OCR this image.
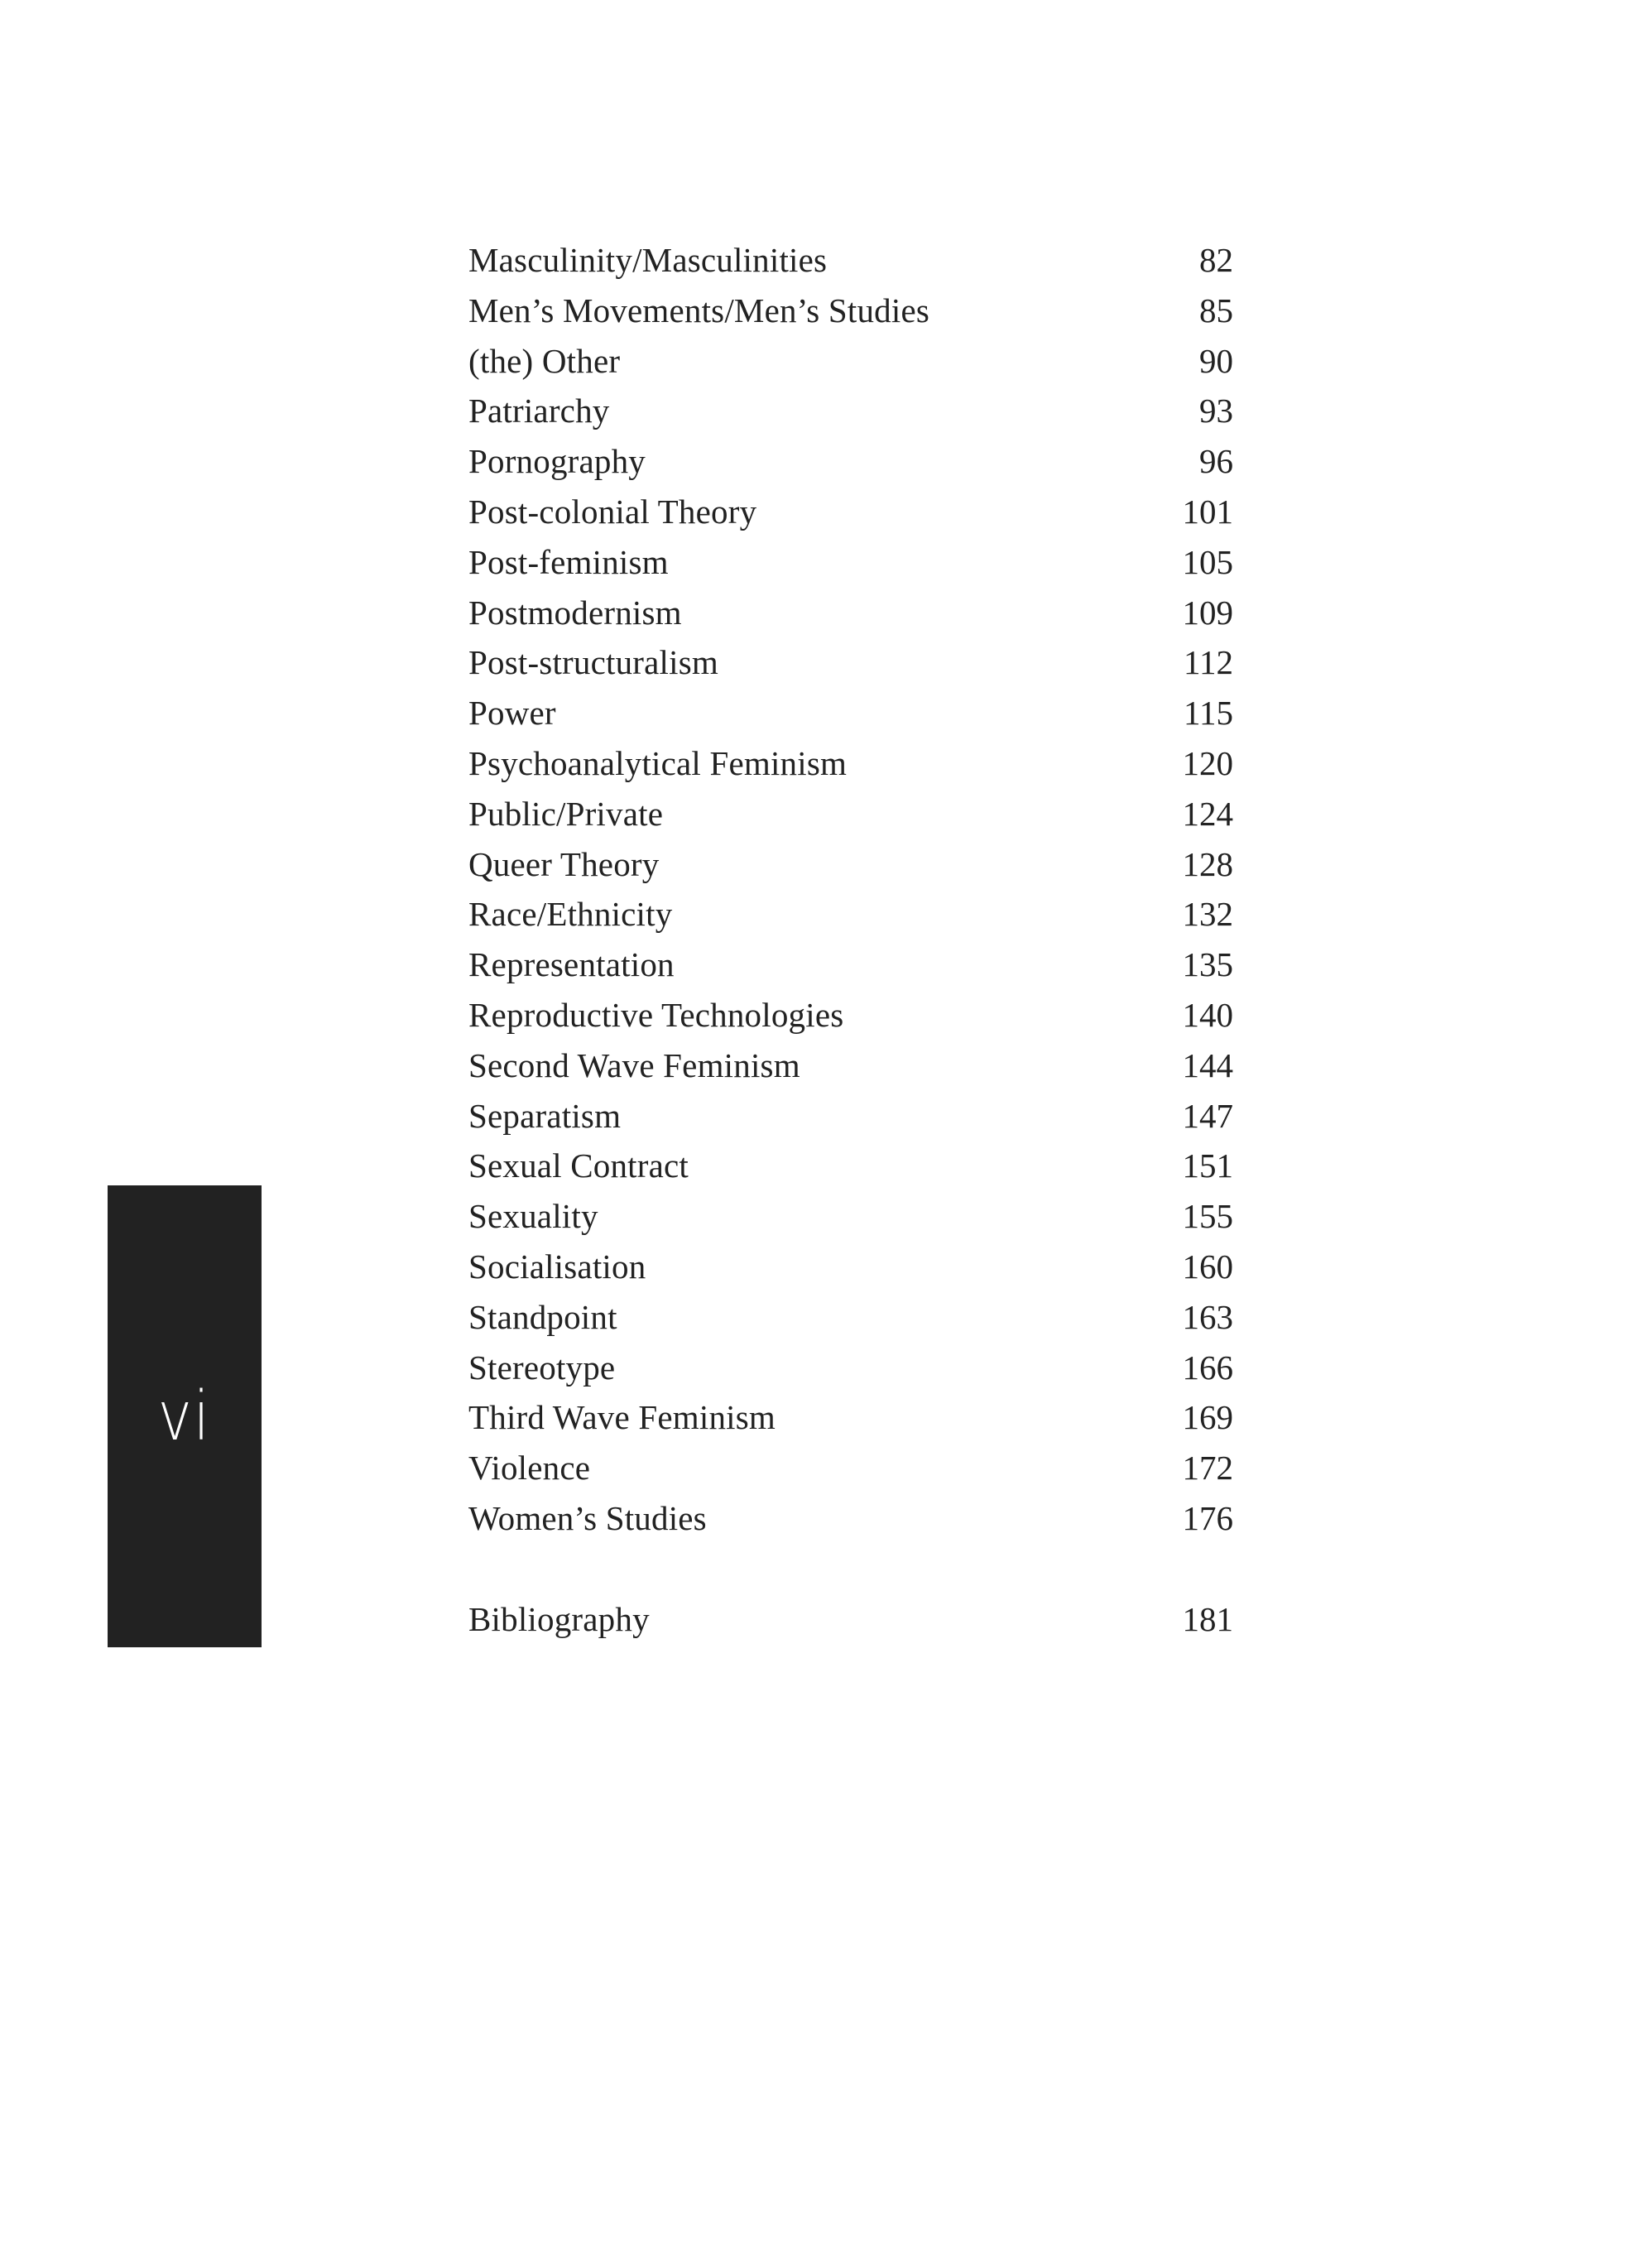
Masculinity/Masculinities	82
Men’s Movements/Men’s Studies	85
(the) Other	90
Patriarchy	93
Pornography	96
Post-colonial Theory	101
Post-feminism	105
Postmodernism	109
Post-structuralism	112
Power	115
Psychoanalytical Feminism	120
Public/Private	124
Queer Theory	128
Race/Ethnicity	132
Representation	135
Reproductive Technologies	140
Second Wave Feminism	144
Separatism	147
Sexual Contract	151
Sexuality	155
Socialisation	160
Standpoint	163
Stereotype	166
Third Wave Feminism	169
Violence	172
Women’s Studies	176
Bibliography	181
vi
